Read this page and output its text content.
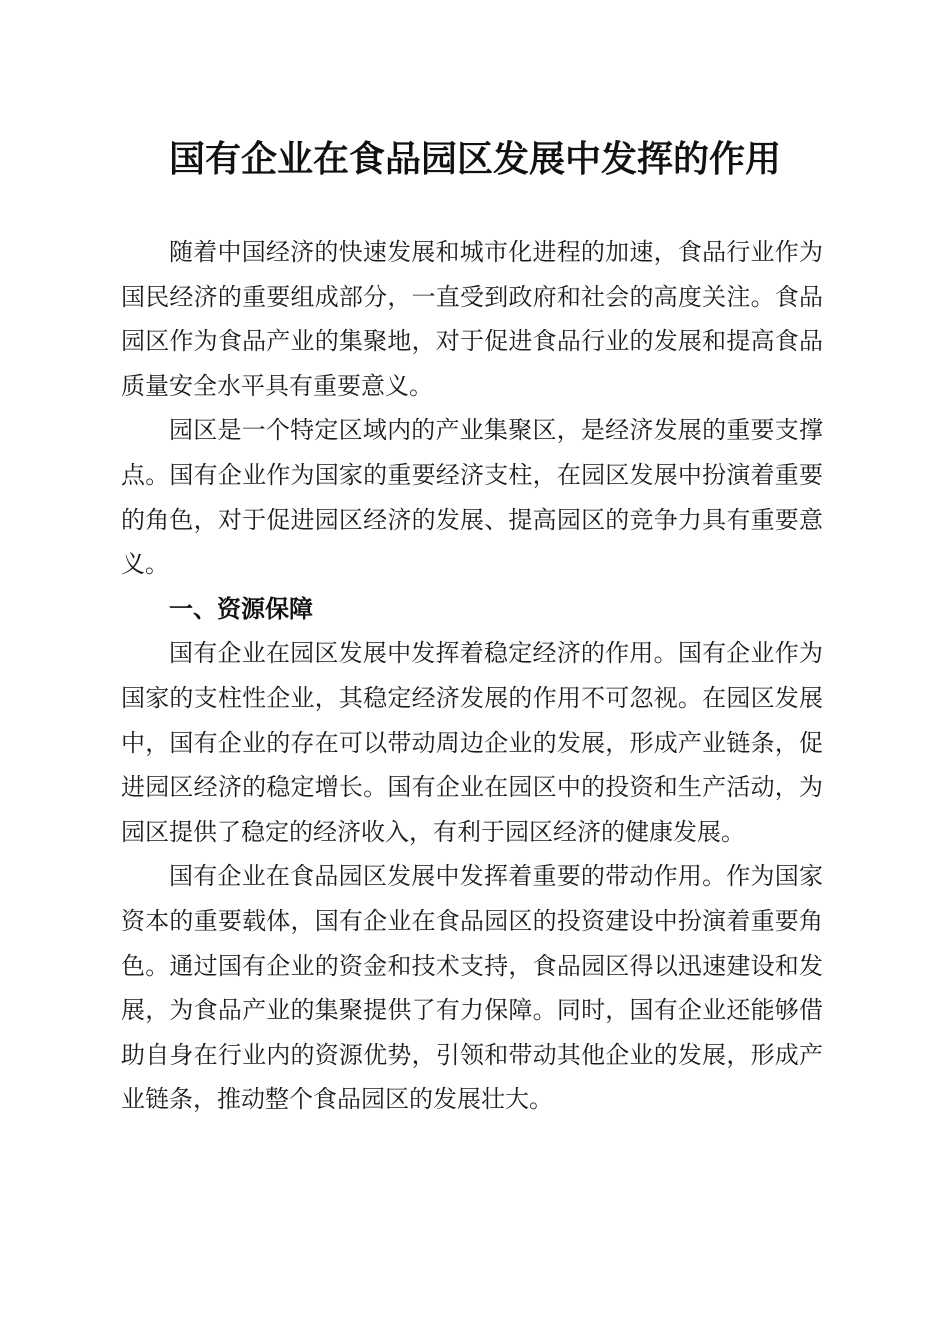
国有企业在食品园区发展中发挥的作用

随着中国经济的快速发展和城市化进程的加速，食品行业作为国民经济的重要组成部分，一直受到政府和社会的高度关注。食品园区作为食品产业的集聚地，对于促进食品行业的发展和提高食品质量安全水平具有重要意义。

园区是一个特定区域内的产业集聚区，是经济发展的重要支撑点。国有企业作为国家的重要经济支柱，在园区发展中扮演着重要的角色，对于促进园区经济的发展、提高园区的竞争力具有重要意义。

一、资源保障

国有企业在园区发展中发挥着稳定经济的作用。国有企业作为国家的支柱性企业，其稳定经济发展的作用不可忽视。在园区发展中，国有企业的存在可以带动周边企业的发展，形成产业链条，促进园区经济的稳定增长。国有企业在园区中的投资和生产活动，为园区提供了稳定的经济收入，有利于园区经济的健康发展。

国有企业在食品园区发展中发挥着重要的带动作用。作为国家资本的重要载体，国有企业在食品园区的投资建设中扮演着重要角色。通过国有企业的资金和技术支持，食品园区得以迅速建设和发展，为食品产业的集聚提供了有力保障。同时，国有企业还能够借助自身在行业内的资源优势，引领和带动其他企业的发展，形成产业链条，推动整个食品园区的发展壮大。
